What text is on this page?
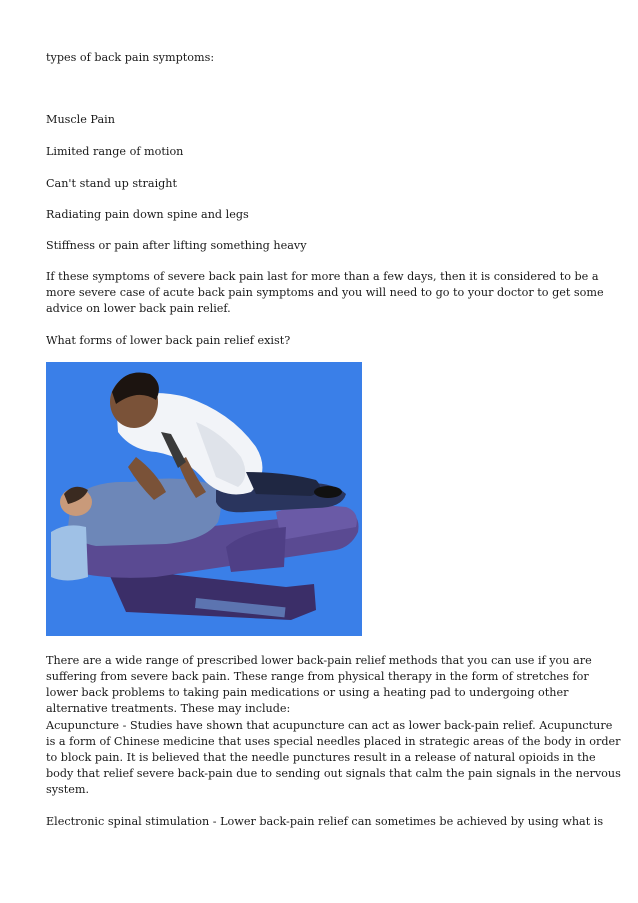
types of back pain symptoms:
Muscle Pain
Limited range of motion
Can't stand up straight
Radiating pain down spine and legs
Stiffness or pain after lifting something heavy
If these symptoms of severe back pain last for more than a few days, then it is considered to be a
more severe case of acute back pain symptoms and you will need to go to your doctor to get some
advice on lower back pain relief.
What forms of lower back pain relief exist?
There are a wide range of prescribed lower back-pain relief methods that you can use if you are
suffering from severe back pain. These range from physical therapy in the form of stretches for
lower back problems to taking pain medications or using a heating pad to undergoing other
alternative treatments. These may include:
Acupuncture - Studies have shown that acupuncture can act as lower back-pain relief. Acupuncture
is a form of Chinese medicine that uses special needles placed in strategic areas of the body in order
to block pain. It is believed that the needle punctures result in a release of natural opioids in the
body that relief severe back-pain due to sending out signals that calm the pain signals in the nervous
system.
Electronic spinal stimulation - Lower back-pain relief can sometimes be achieved by using what is
